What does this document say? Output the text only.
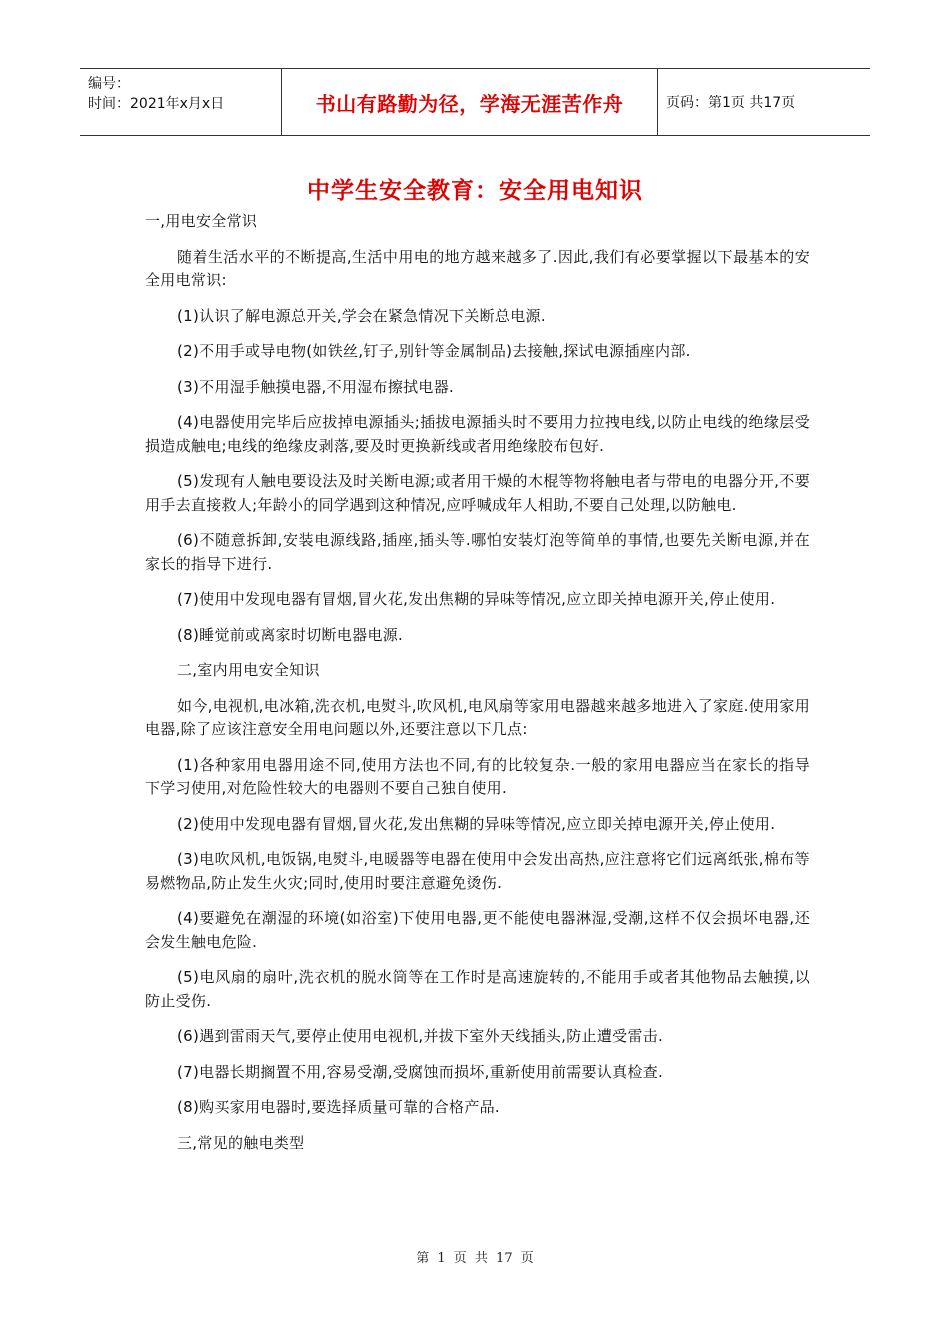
编号：
时间：2021年x月x日	书山有路勤为径，学海无涯苦作舟	页码：第1页 共17页
中学生安全教育：安全用电知识

一,用电安全常识

随着生活水平的不断提高,生活中用电的地方越来越多了.因此,我们有必要掌握以下最基本的安全用电常识:

(1)认识了解电源总开关,学会在紧急情况下关断总电源.

(2)不用手或导电物(如铁丝,钉子,别针等金属制品)去接触,探试电源插座内部.

(3)不用湿手触摸电器,不用湿布擦拭电器.

(4)电器使用完毕后应拔掉电源插头;插拔电源插头时不要用力拉拽电线,以防止电线的绝缘层受损造成触电;电线的绝缘皮剥落,要及时更换新线或者用绝缘胶布包好.

(5)发现有人触电要设法及时关断电源;或者用干燥的木棍等物将触电者与带电的电器分开,不要用手去直接救人;年龄小的同学遇到这种情况,应呼喊成年人相助,不要自己处理,以防触电.

(6)不随意拆卸,安装电源线路,插座,插头等.哪怕安装灯泡等简单的事情,也要先关断电源,并在家长的指导下进行.

(7)使用中发现电器有冒烟,冒火花,发出焦糊的异味等情况,应立即关掉电源开关,停止使用.

(8)睡觉前或离家时切断电器电源.

二,室内用电安全知识

如今,电视机,电冰箱,洗衣机,电熨斗,吹风机,电风扇等家用电器越来越多地进入了家庭.使用家用电器,除了应该注意安全用电问题以外,还要注意以下几点:

(1)各种家用电器用途不同,使用方法也不同,有的比较复杂.一般的家用电器应当在家长的指导下学习使用,对危险性较大的电器则不要自己独自使用.

(2)使用中发现电器有冒烟,冒火花,发出焦糊的异味等情况,应立即关掉电源开关,停止使用.

(3)电吹风机,电饭锅,电熨斗,电暖器等电器在使用中会发出高热,应注意将它们远离纸张,棉布等易燃物品,防止发生火灾;同时,使用时要注意避免烫伤.

(4)要避免在潮湿的环境(如浴室)下使用电器,更不能使电器淋湿,受潮,这样不仅会损坏电器,还会发生触电危险.

(5)电风扇的扇叶,洗衣机的脱水筒等在工作时是高速旋转的,不能用手或者其他物品去触摸,以防止受伤.

(6)遇到雷雨天气,要停止使用电视机,并拔下室外天线插头,防止遭受雷击.

(7)电器长期搁置不用,容易受潮,受腐蚀而损坏,重新使用前需要认真检查.

(8)购买家用电器时,要选择质量可靠的合格产品.

三,常见的触电类型

第 1 页 共 17 页
